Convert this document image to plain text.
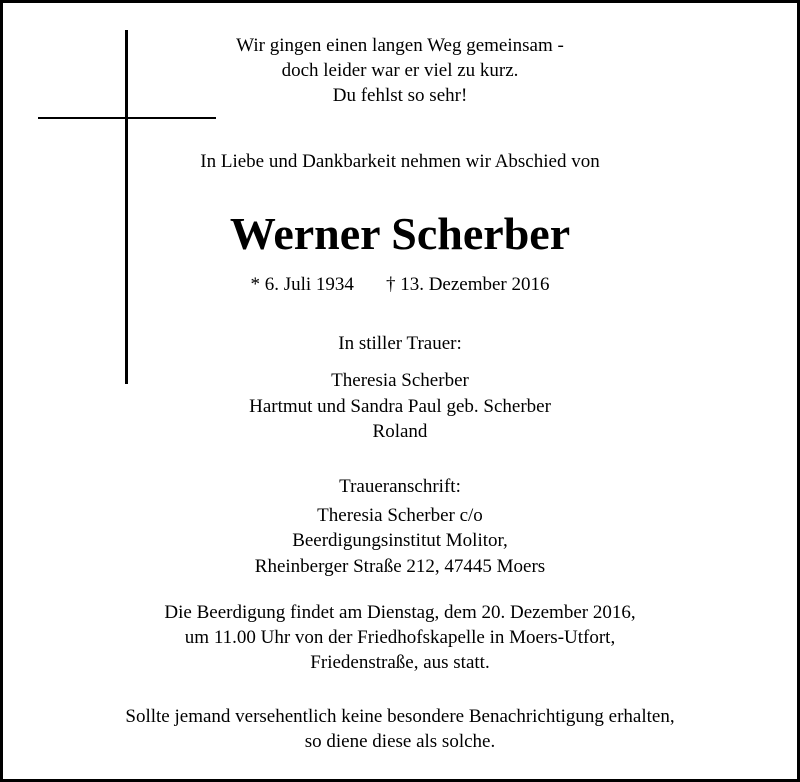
Wir gingen einen langen Weg gemeinsam -
doch leider war er viel zu kurz.
Du fehlst so sehr!
In Liebe und Dankbarkeit nehmen wir Abschied von
Werner Scherber
* 6. Juli 1934 † 13. Dezember 2016
In stiller Trauer:
Theresia Scherber
Hartmut und Sandra Paul geb. Scherber
Roland
Traueranschrift:
Theresia Scherber c/o
Beerdigungsinstitut Molitor,
Rheinberger Straße 212, 47445 Moers
Die Beerdigung findet am Dienstag, dem 20. Dezember 2016,
um 11.00 Uhr von der Friedhofskapelle in Moers-Utfort,
Friedenstraße, aus statt.
Sollte jemand versehentlich keine besondere Benachrichtigung erhalten,
so diene diese als solche.
